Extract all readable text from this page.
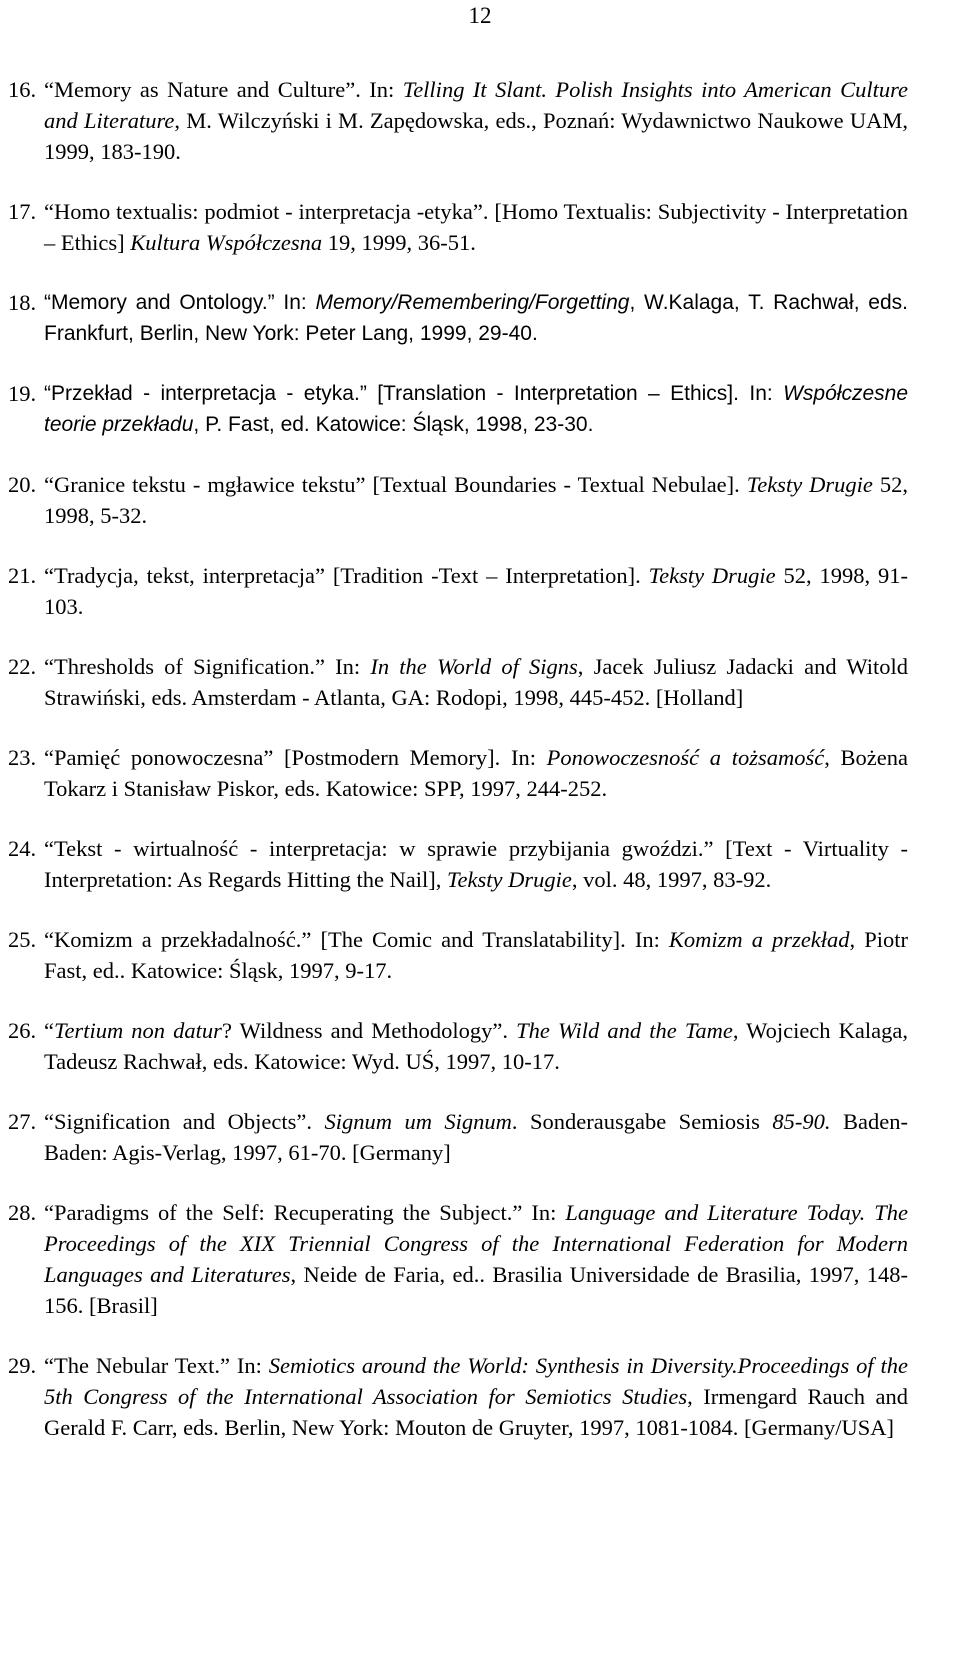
12
16. “Memory as Nature and Culture”. In: Telling It Slant. Polish Insights into American Culture and Literature, M. Wilczyński i M. Zapędowska, eds., Poznań: Wydawnictwo Naukowe UAM, 1999, 183-190.
17. “Homo textualis: podmiot - interpretacja -etyka”. [Homo Textualis: Subjectivity - Interpretation – Ethics] Kultura Współczesna 19, 1999, 36-51.
18. “Memory and Ontology.” In: Memory/Remembering/Forgetting, W.Kalaga, T. Rachwał, eds. Frankfurt, Berlin, New York: Peter Lang, 1999, 29-40.
19. “Przekład - interpretacja - etyka.” [Translation - Interpretation – Ethics]. In: Współczesne teorie przekładu, P. Fast, ed. Katowice: Śląsk, 1998, 23-30.
20. “Granice tekstu - mgławice tekstu” [Textual Boundaries - Textual Nebulae]. Teksty Drugie 52, 1998, 5-32.
21. “Tradycja, tekst, interpretacja” [Tradition -Text – Interpretation]. Teksty Drugie 52, 1998, 91-103.
22. “Thresholds of Signification.” In: In the World of Signs, Jacek Juliusz Jadacki and Witold Strawiński, eds. Amsterdam - Atlanta, GA: Rodopi, 1998, 445-452. [Holland]
23. “Pamięć ponowoczesna” [Postmodern Memory]. In: Ponowoczesność a tożsamość, Bożena Tokarz i Stanisław Piskor, eds. Katowice: SPP, 1997, 244-252.
24. “Tekst - wirtualność - interpretacja: w sprawie przybijania gwoździ.” [Text - Virtuality - Interpretation: As Regards Hitting the Nail], Teksty Drugie, vol. 48, 1997, 83-92.
25. “Komizm a przekładalność.” [The Comic and Translatability]. In: Komizm a przekład, Piotr Fast, ed.. Katowice: Śląsk, 1997, 9-17.
26. “Tertium non datur? Wildness and Methodology”. The Wild and the Tame, Wojciech Kalaga, Tadeusz Rachwał, eds. Katowice: Wyd. UŚ, 1997, 10-17.
27. “Signification and Objects”. Signum um Signum. Sonderausgabe Semiosis 85-90. Baden-Baden: Agis-Verlag, 1997, 61-70. [Germany]
28. “Paradigms of the Self: Recuperating the Subject.” In: Language and Literature Today. The Proceedings of the XIX Triennial Congress of the International Federation for Modern Languages and Literatures, Neide de Faria, ed.. Brasilia Universidade de Brasilia, 1997, 148-156. [Brasil]
29. “The Nebular Text.” In: Semiotics around the World: Synthesis in Diversity.Proceedings of the 5th Congress of the International Association for Semiotics Studies, Irmengard Rauch and Gerald F. Carr, eds. Berlin, New York: Mouton de Gruyter, 1997, 1081-1084. [Germany/USA]
